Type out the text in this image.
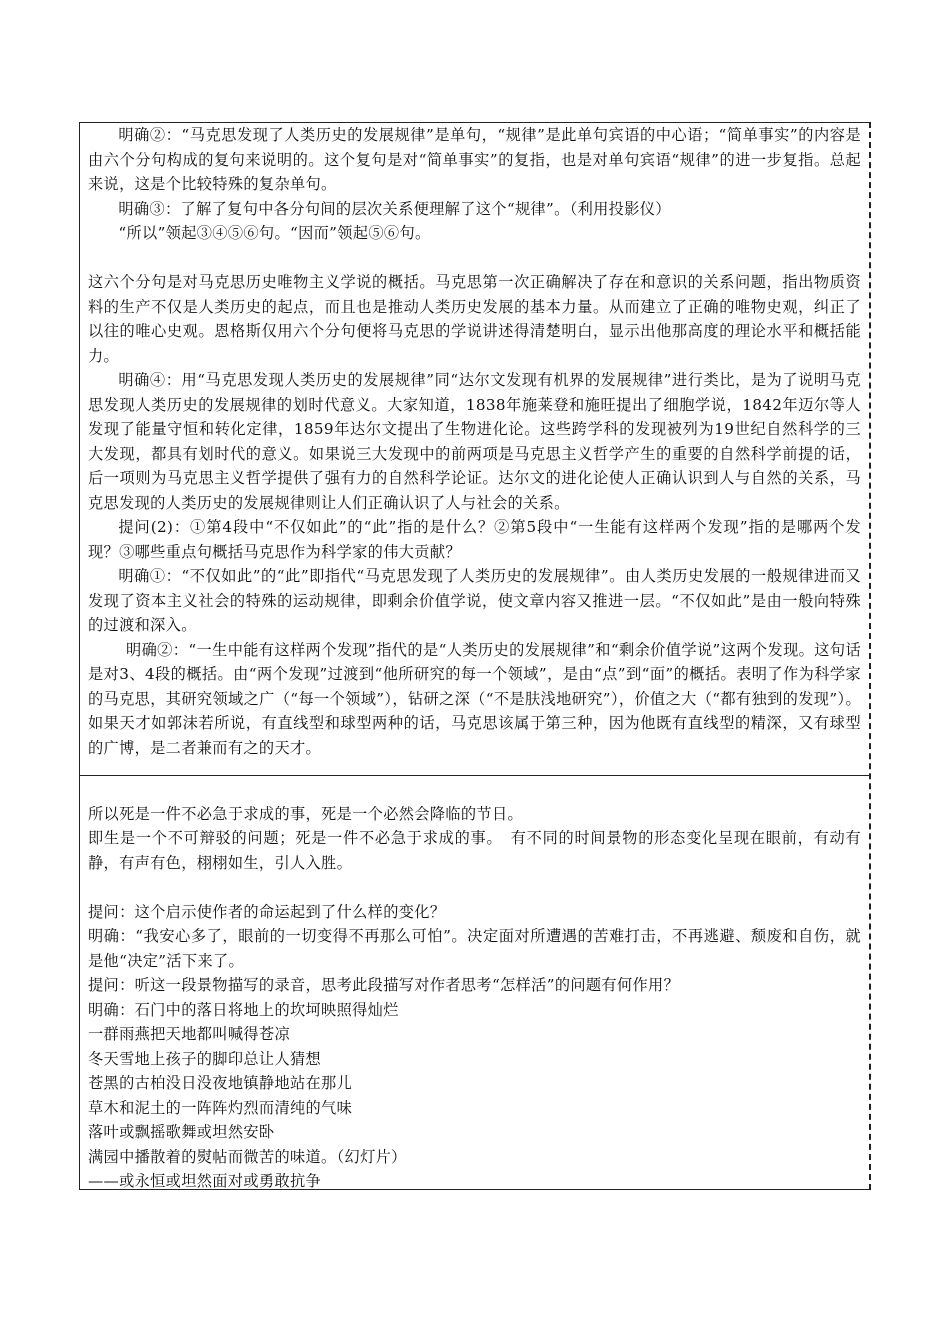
明确②：“马克思发现了人类历史的发展规律”是单句，“规律”是此单句宾语的中心语；“简单事实”的内容是由六个分句构成的复句来说明的。这个复句是对“简单事实”的复指，也是对单句宾语“规律”的进一步复指。总起来说，这是个比较特殊的复杂单句。

明确③：了解了复句中各分句间的层次关系便理解了这个“规律”。（利用投影仪）

“所以”领起③④⑤⑥句。“因而”领起⑤⑥句。

这六个分句是对马克思历史唯物主义学说的概括。马克思第一次正确解决了存在和意识的关系问题，指出物质资料的生产不仅是人类历史的起点，而且也是推动人类历史发展的基本力量。从而建立了正确的唯物史观，纠正了以往的唯心史观。恩格斯仅用六个分句便将马克思的学说讲述得清楚明白，显示出他那高度的理论水平和概括能力。

明确④：用“马克思发现人类历史的发展规律”同“达尔文发现有机界的发展规律”进行类比，是为了说明马克思发现人类历史的发展规律的划时代意义。大家知道，1838年施莱登和施旺提出了细胞学说，1842年迈尔等人发现了能量守恒和转化定律，1859年达尔文提出了生物进化论。这些跨学科的发现被列为19世纪自然科学的三大发现，都具有划时代的意义。如果说三大发现中的前两项是马克思主义哲学产生的重要的自然科学前提的话，后一项则为马克思主义哲学提供了强有力的自然科学论证。达尔文的进化论使人正确认识到人与自然的关系，马克思发现的人类历史的发展规律则让人们正确认识了人与社会的关系。

提问(2)：①第4段中“不仅如此”的“此”指的是什么？②第5段中“一生能有这样两个发现”指的是哪两个发现？③哪些重点句概括马克思作为科学家的伟大贡献？

明确①：“不仅如此”的“此”即指代“马克思发现了人类历史的发展规律”。由人类历史发展的一般规律进而又发现了资本主义社会的特殊的运动规律，即剩余价值学说，使文章内容又推进一层。“不仅如此”是由一般向特殊的过渡和深入。

明确②：“一生中能有这样两个发现”指代的是“人类历史的发展规律”和“剩余价值学说”这两个发现。这句话是对3、4段的概括。由“两个发现”过渡到“他所研究的每一个领域”，是由“点”到“面”的概括。表明了作为科学家的马克思，其研究领域之广（“每一个领域”），钻研之深（“不是肤浅地研究”），价值之大（“都有独到的发现”）。如果天才如郭沫若所说，有直线型和球型两种的话，马克思该属于第三种，因为他既有直线型的精深，又有球型的广博，是二者兼而有之的天才。

所以死是一件不必急于求成的事，死是一个必然会降临的节日。

即生是一个不可辩驳的问题；死是一件不必急于求成的事。　有不同的时间景物的形态变化呈现在眼前，有动有静，有声有色，栩栩如生，引人入胜。

提问：这个启示使作者的命运起到了什么样的变化？

明确：“我安心多了，眼前的一切变得不再那么可怕”。决定面对所遭遇的苦难打击，不再逃避、颓废和自伤，就是他“决定”活下来了。

提问：听这一段景物描写的录音，思考此段描写对作者思考“怎样活”的问题有何作用？

明确：石门中的落日将地上的坎坷映照得灿烂

一群雨燕把天地都叫喊得苍凉

冬天雪地上孩子的脚印总让人猜想

苍黑的古柏没日没夜地镇静地站在那儿

草木和泥土的一阵阵灼烈而清纯的气味

落叶或飘摇歌舞或坦然安卧

满园中播散着的熨帖而微苦的味道。（幻灯片）

——或永恒或坦然面对或勇敢抗争
